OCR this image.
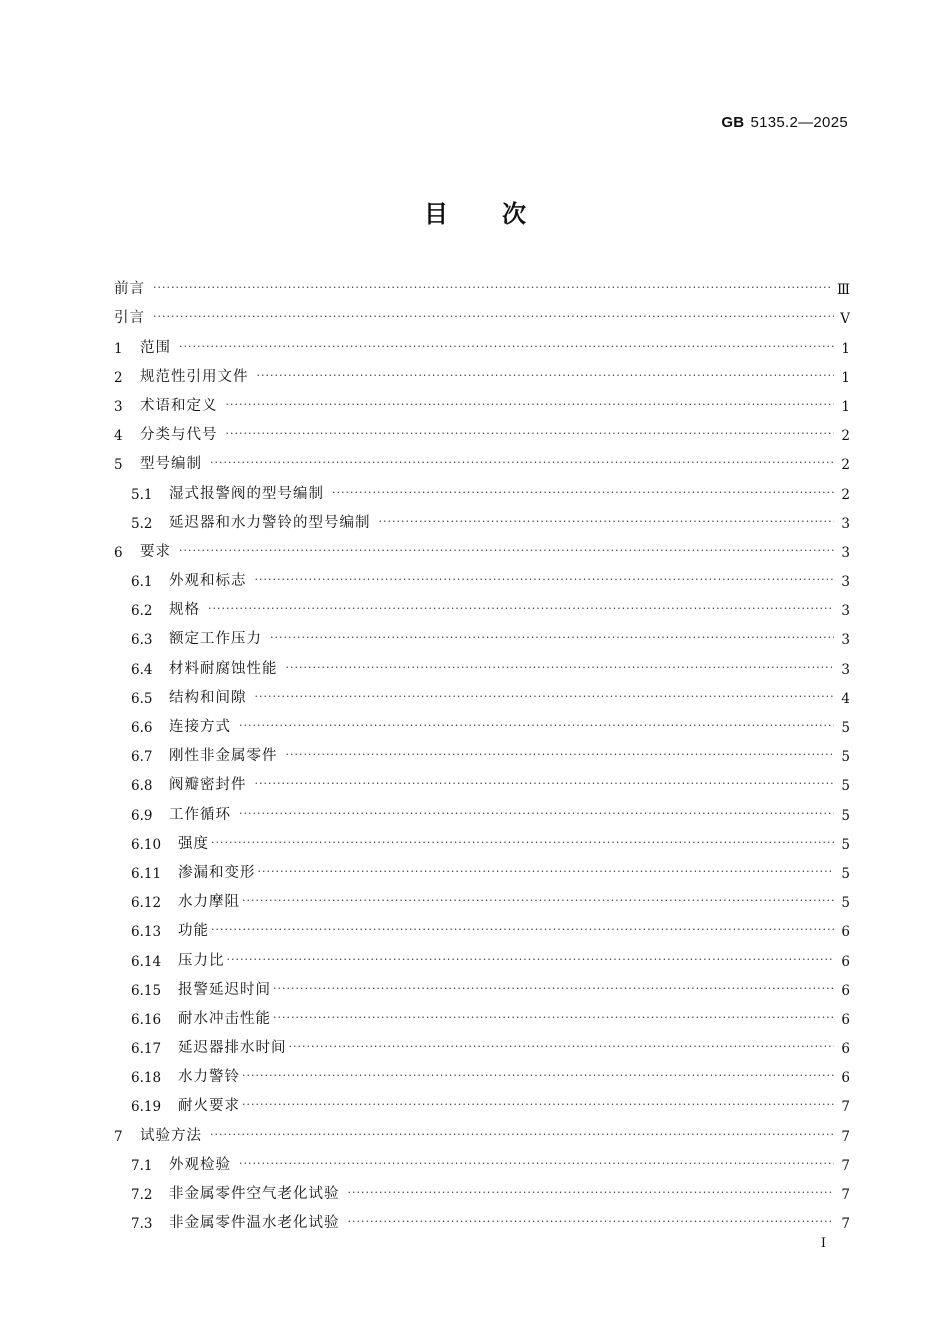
GB 5135.2—2025
目次
前言 ·····	Ⅲ
引言 ·····	Ⅴ
1	范围 ·····	1
2	规范性引用文件 ·····	1
3	术语和定义 ·····	1
4	分类与代号 ·····	2
5	型号编制 ·····	2
5.1	湿式报警阀的型号编制 ·····	2
5.2	延迟器和水力警铃的型号编制 ·····	3
6	要求 ·····	3
6.1	外观和标志 ·····	3
6.2	规格 ·····	3
6.3	额定工作压力 ·····	3
6.4	材料耐腐蚀性能 ·····	3
6.5	结构和间隙 ·····	4
6.6	连接方式 ·····	5
6.7	刚性非金属零件 ·····	5
6.8	阀瓣密封件 ·····	5
6.9	工作循环 ·····	5
6.10	强度 ·····	5
6.11	渗漏和变形 ·····	5
6.12	水力摩阻 ·····	5
6.13	功能 ·····	6
6.14	压力比 ·····	6
6.15	报警延迟时间 ·····	6
6.16	耐水冲击性能 ·····	6
6.17	延迟器排水时间 ·····	6
6.18	水力警铃 ·····	6
6.19	耐火要求 ·····	7
7	试验方法 ·····	7
7.1	外观检验 ·····	7
7.2	非金属零件空气老化试验 ·····	7
7.3	非金属零件温水老化试验 ·····	7
Ⅰ
